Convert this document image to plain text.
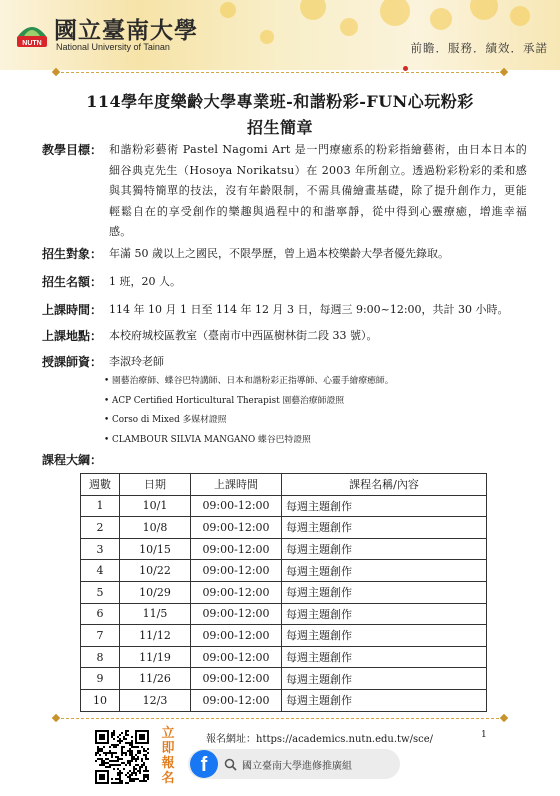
NUTN 國立臺南大學
National University of Tainan	前瞻．服務．績效．承諾
114學年度樂齡大學專業班-和諧粉彩-FUN心玩粉彩
招生簡章
教學目標： 和諧粉彩藝術 Pastel Nagomi Art 是一門療癒系的粉彩指繪藝術，由日本日本的細谷典克先生（Hosoya Norikatsu）在 2003 年所創立。透過粉彩粉彩的柔和感與其獨特簡單的技法，沒有年齡限制，不需具備繪畫基礎，除了提升創作力，更能輕鬆自在的享受創作的樂趣與過程中的和諧寧靜，從中得到心靈療癒，增進幸福感。
招生對象： 年滿 50 歲以上之國民，不限學歷，曾上過本校樂齡大學者優先錄取。
招生名額： 1 班，20 人。
上課時間： 114 年 10 月 1 日至 114 年 12 月 3 日，每週三 9:00~12:00，共計 30 小時。
上課地點： 本校府城校區教室（臺南市中西區樹林街二段 33 號）。
授課師資： 李淑玲老師
• 園藝治療師、蝶谷巴特講師、日本和諧粉彩正指導師、心靈手繪療癒師。
• ACP Certified Horticultural Therapist 園藝治療師證照
• Corso di Mixed 多媒材證照
• CLAMBOUR SILVIA MANGANO 蝶谷巴特證照
課程大綱：
週數	日期	上課時間	課程名稱/內容
1	10/1	09:00-12:00	每週主題創作
2	10/8	09:00-12:00	每週主題創作
3	10/15	09:00-12:00	每週主題創作
4	10/22	09:00-12:00	每週主題創作
5	10/29	09:00-12:00	每週主題創作
6	11/5	09:00-12:00	每週主題創作
7	11/12	09:00-12:00	每週主題創作
8	11/19	09:00-12:00	每週主題創作
9	11/26	09:00-12:00	每週主題創作
10	12/3	09:00-12:00	每週主題創作
立
即
報
名
報名網址：https://academics.nutn.edu.tw/sce/	1
f	國立臺南大學進修推廣組
